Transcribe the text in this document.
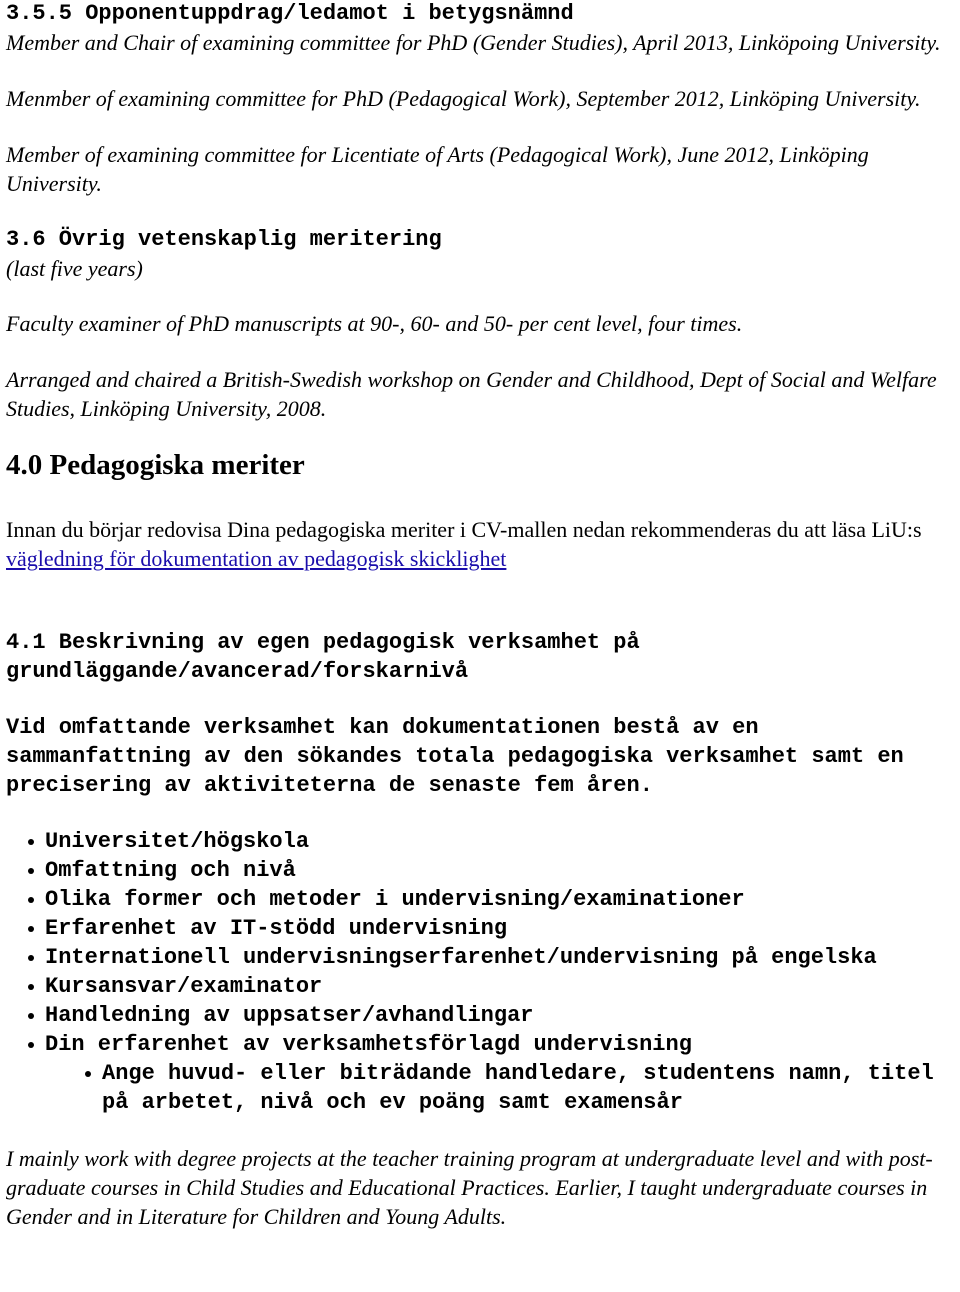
3.5.5 Opponentuppdrag/ledamot i betygsnämnd

Member and Chair of examining committee for PhD (Gender Studies), April 2013, Linköpoing University.

Menmber of examining committee for PhD (Pedagogical Work), September 2012, Linköping University.

Member of examining committee for Licentiate of Arts (Pedagogical Work), June 2012, Linköping University.

3.6 Övrig vetenskaplig meritering

(last five years)

Faculty examiner of PhD manuscripts at 90-, 60- and 50- per cent level, four times.

Arranged and chaired a British-Swedish workshop on Gender and Childhood, Dept of Social and Welfare Studies, Linköping University, 2008.

4.0 Pedagogiska meriter

Innan du börjar redovisa Dina pedagogiska meriter i CV-mallen nedan rekommenderas du att läsa LiU:s vägledning för dokumentation av pedagogisk skicklighet

4.1 Beskrivning av egen pedagogisk verksamhet på grundläggande/avancerad/forskarnivå

Vid omfattande verksamhet kan dokumentationen bestå av en sammanfattning av den sökandes totala pedagogiska verksamhet samt en precisering av aktiviteterna de senaste fem åren.

Universitet/högskola
Omfattning och nivå
Olika former och metoder i undervisning/examinationer
Erfarenhet av IT-stödd undervisning
Internationell undervisningserfarenhet/undervisning på engelska
Kursansvar/examinator
Handledning av uppsatser/avhandlingar
Din erfarenhet av verksamhetsförlagd undervisning
Ange huvud- eller biträdande handledare, studentens namn, titel på arbetet, nivå och ev poäng samt examensår

I mainly work with degree projects at the teacher training program at undergraduate level and with post-graduate courses in Child Studies and Educational Practices. Earlier, I taught undergraduate courses in Gender and in Literature for Children and Young Adults.
